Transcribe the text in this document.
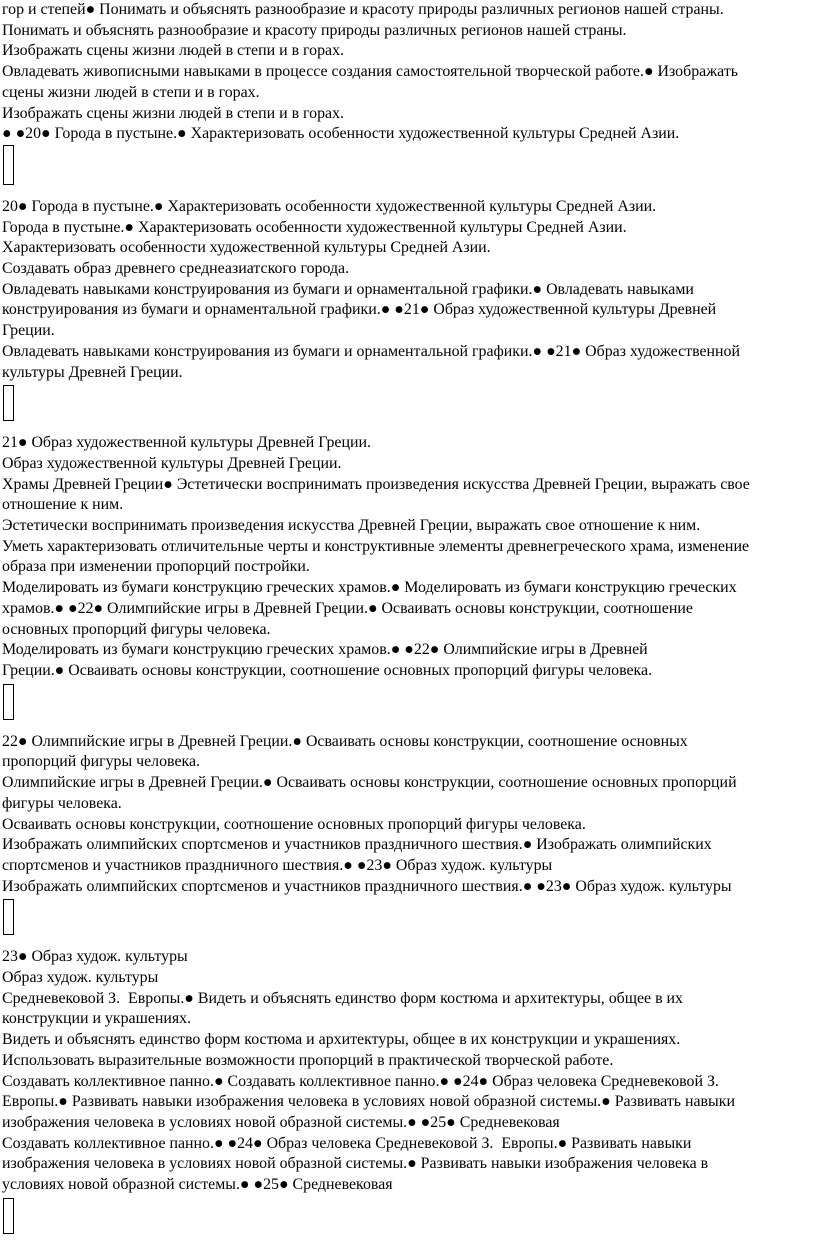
гор и степей● Понимать и объяснять разнообразие и красоту природы различных регионов нашей страны.
Понимать и объяснять разнообразие и красоту природы различных регионов нашей страны.
Изображать сцены жизни людей в степи и в горах.
Овладевать живописными навыками в процессе создания самостоятельной творческой работе.● Изображать
сцены жизни людей в степи и в горах.
Изображать сцены жизни людей в степи и в горах.
● ●20● Города в пустыне.● Характеризовать особенности художественной культуры Средней Азии.
20● Города в пустыне.● Характеризовать особенности художественной культуры Средней Азии.
Города в пустыне.● Характеризовать особенности художественной культуры Средней Азии.
Характеризовать особенности художественной культуры Средней Азии.
Создавать образ древнего среднеазиатского города.
Овладевать навыками конструирования из бумаги и орнаментальной графики.● Овладевать навыками
конструирования из бумаги и орнаментальной графики.● ●21● Образ художественной культуры Древней
Греции.
Овладевать навыками конструирования из бумаги и орнаментальной графики.● ●21● Образ художественной
культуры Древней Греции.
21● Образ художественной культуры Древней Греции.
Образ художественной культуры Древней Греции.
Храмы Древней Греции● Эстетически воспринимать произведения искусства Древней Греции, выражать свое
отношение к ним.
Эстетически воспринимать произведения искусства Древней Греции, выражать свое отношение к ним.
Уметь характеризовать отличительные черты и конструктивные элементы древнегреческого храма, изменение
образа при изменении пропорций постройки.
Моделировать из бумаги конструкцию греческих храмов.● Моделировать из бумаги конструкцию греческих
храмов.● ●22● Олимпийские игры в Древней Греции.● Осваивать основы конструкции, соотношение
основных пропорций фигуры человека.
Моделировать из бумаги конструкцию греческих храмов.● ●22● Олимпийские игры в Древней
Греции.● Осваивать основы конструкции, соотношение основных пропорций фигуры человека.
22● Олимпийские игры в Древней Греции.● Осваивать основы конструкции, соотношение основных
пропорций фигуры человека.
Олимпийские игры в Древней Греции.● Осваивать основы конструкции, соотношение основных пропорций
фигуры человека.
Осваивать основы конструкции, соотношение основных пропорций фигуры человека.
Изображать олимпийских спортсменов и участников праздничного шествия.● Изображать олимпийских
спортсменов и участников праздничного шествия.● ●23● Образ худож. культуры
Изображать олимпийских спортсменов и участников праздничного шествия.● ●23● Образ худож. культуры
23● Образ худож. культуры
Образ худож. культуры
Средневековой З.  Европы.● Видеть и объяснять единство форм костюма и архитектуры, общее в их
конструкции и украшениях.
Видеть и объяснять единство форм костюма и архитектуры, общее в их конструкции и украшениях.
Использовать выразительные возможности пропорций в практической творческой работе.
Создавать коллективное панно.● Создавать коллективное панно.● ●24● Образ человека Средневековой З.
Европы.● Развивать навыки изображения человека в условиях новой образной системы.● Развивать навыки
изображения человека в условиях новой образной системы.● ●25● Средневековая
Создавать коллективное панно.● ●24● Образ человека Средневековой З.  Европы.● Развивать навыки
изображения человека в условиях новой образной системы.● Развивать навыки изображения человека в
условиях новой образной системы.● ●25● Средневековая
